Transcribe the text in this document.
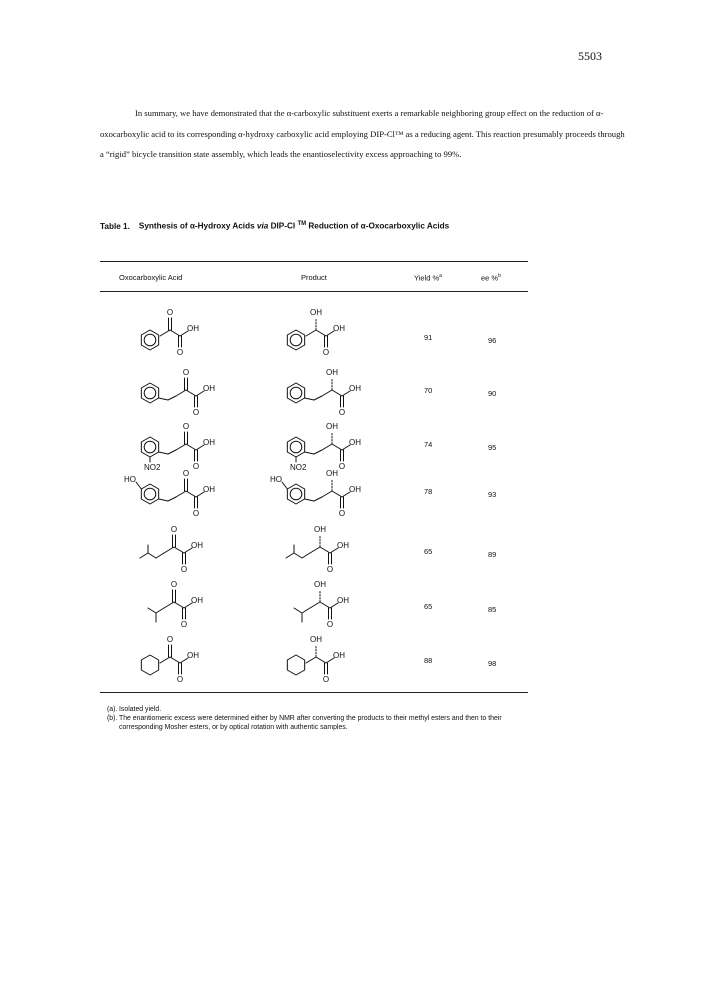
5503

In summary, we have demonstrated that the α-carboxylic substituent exerts a remarkable neighboring group effect on the reduction of α-oxocarboxylic acid to its corresponding α-hydroxy carboxylic acid employing DIP-Cl™ as a reducing agent. This reaction presumably proceeds through a “rigid” bicycle transition state assembly, which leads the enantioselectivity excess approaching to 99%.

Table 1. Synthesis of α-Hydroxy Acids via DIP-Cl ™ Reduction of α-Oxocarboxylic Acids
Oxocarboxylic Acid	Product	Yield %$^a$	ee %$^b$
OH
O
O
OH
O
OH
91	96
OH
O
O
OH
O
OH
70	90
NO2
OH
O
O
NO2
OH
O
OH
74	95
HO
OH
O
O
HO
OH
O
OH
78	93
OH
O
O
OH
O
OH
65	89
OH
O
O
OH
O
OH
65	85
OH
O
O
OH
O
OH
88	98
(a). Isolated yield.
(b). The enantiomeric excess were determined either by NMR after converting the products to their methyl esters and then to their corresponding Mosher esters, or by optical rotation with authentic samples.
